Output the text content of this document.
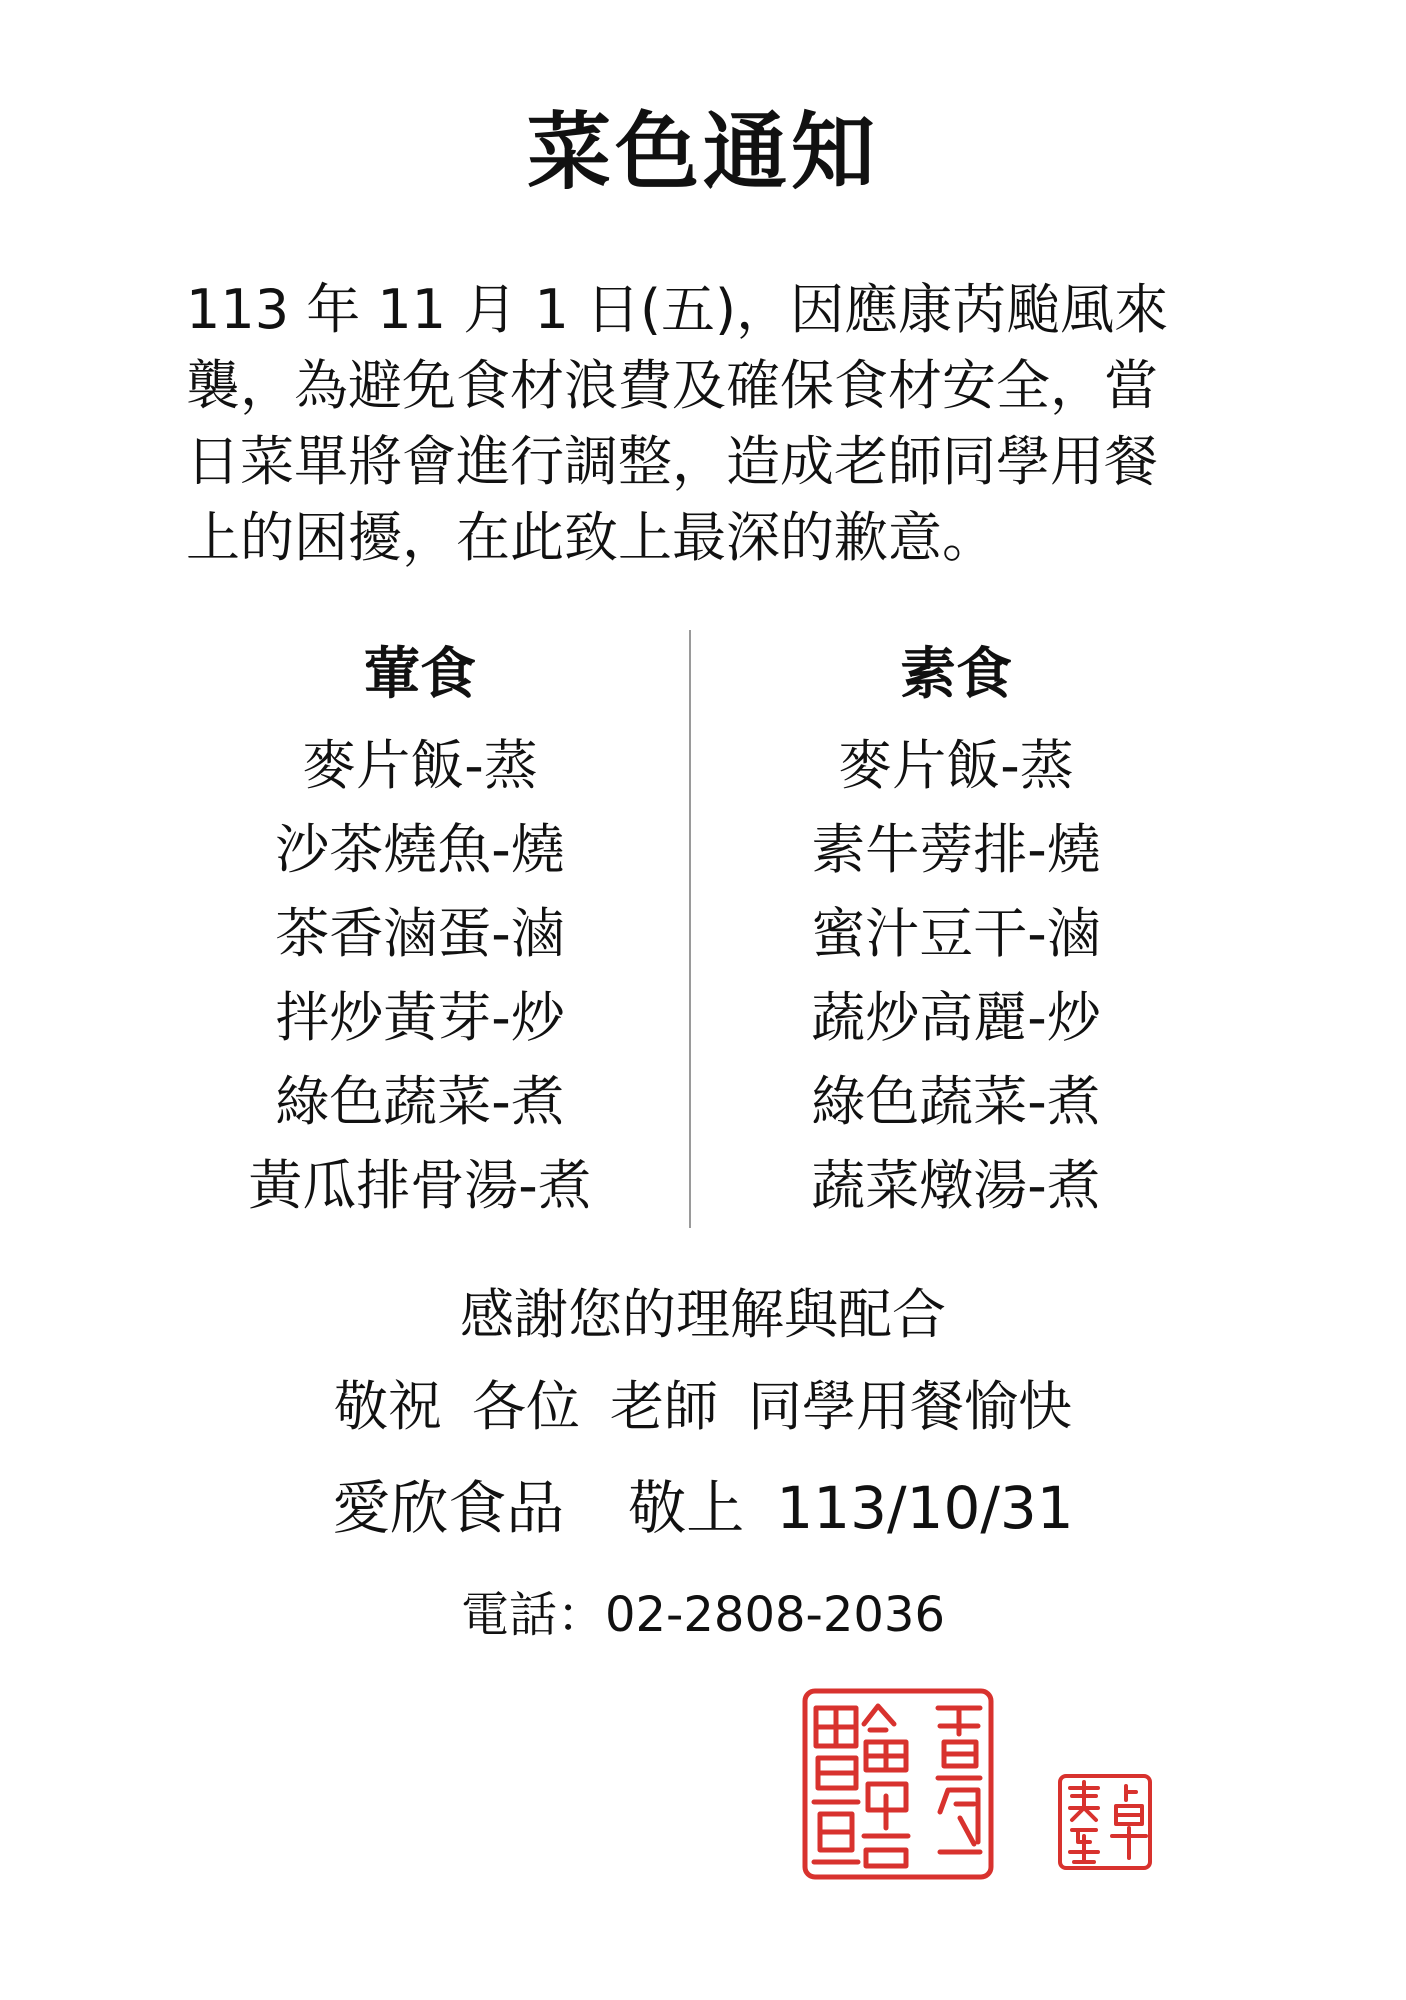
菜色通知

113 年 11 月 1 日(五)，因應康芮颱風來襲，為避免食材浪費及確保食材安全，當日菜單將會進行調整，造成老師同學用餐上的困擾，在此致上最深的歉意。

葷食
麥片飯-蒸
沙茶燒魚-燒
茶香滷蛋-滷
拌炒黃芽-炒
綠色蔬菜-煮
黃瓜排骨湯-煮
素食
麥片飯-蒸
素牛蒡排-燒
蜜汁豆干-滷
蔬炒高麗-炒
綠色蔬菜-煮
蔬菜燉湯-煮
感謝您的理解與配合
敬祝 各位 老師 同學用餐愉快
愛欣食品 敬上 113/10/31
電話：02-2808-2036
